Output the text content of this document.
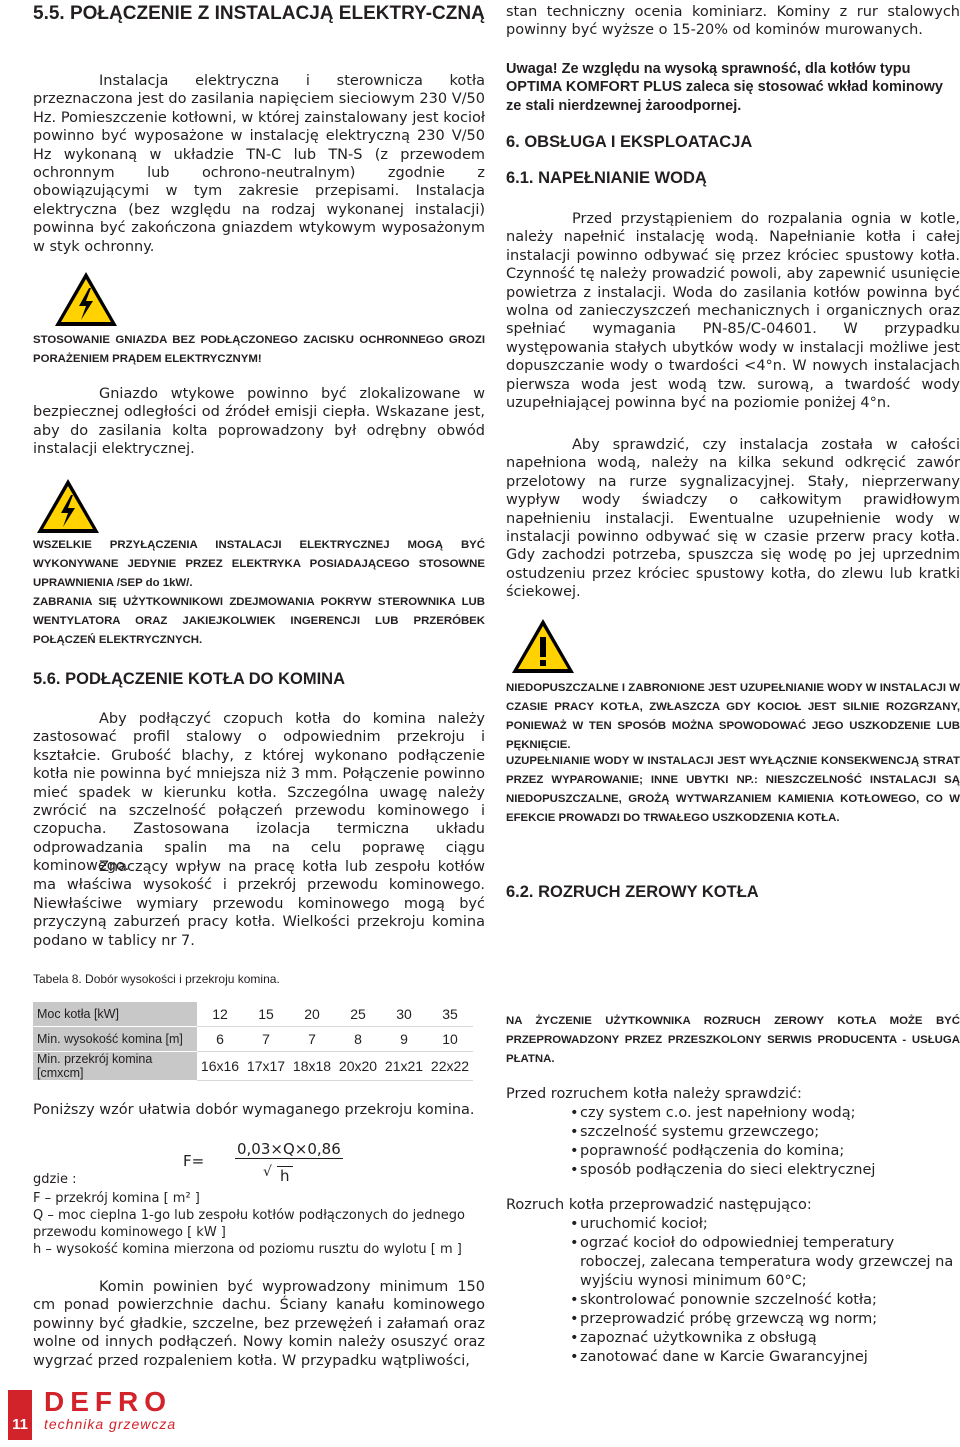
5.5. POŁĄCZENIE Z INSTALACJĄ ELEKTRY-CZNĄ

Instalacja elektryczna i sterownicza kotła przeznaczona jest do zasilania napięciem sieciowym 230 V/50 Hz. Pomieszczenie kotłowni, w której zainstalowany jest kocioł powinno być wyposażone w instalację elektryczną 230 V/50 Hz wykonaną w układzie TN-C lub TN-S (z przewodem ochronnym lub ochrono-neutralnym) zgodnie z obowiązującymi w tym zakresie przepisami. Instalacja elektryczna (bez względu na rodzaj wykonanej instalacji) powinna być zakończona gniazdem wtykowym wyposażonym w styk ochronny.

STOSOWANIE GNIAZDA BEZ PODŁĄCZONEGO ZACISKU OCHRONNEGO GROZI PORAŻENIEM PRĄDEM ELEKTRYCZNYM!

Gniazdo wtykowe powinno być zlokalizowane w bezpiecznej odległości od źródeł emisji ciepła. Wskazane jest, aby do zasilania kolta poprowadzony był odrębny obwód instalacji elektrycznej.

WSZELKIE PRZYŁĄCZENIA INSTALACJI ELEKTRYCZNEJ MOGĄ BYĆ WYKONYWANE JEDYNIE PRZEZ ELEKTRYKA POSIADAJĄCEGO STOSOWNE UPRAWNIENIA /SEP do 1kW/.

ZABRANIA SIĘ UŻYTKOWNIKOWI ZDEJMOWANIA POKRYW STEROWNIKA LUB WENTYLATORA ORAZ JAKIEJKOLWIEK INGERENCJI LUB PRZERÓBEK POŁĄCZEŃ ELEKTRYCZNYCH.

5.6. PODŁĄCZENIE KOTŁA DO KOMINA

Aby podłączyć czopuch kotła do komina należy zastosować profil stalowy o odpowiednim przekroju i kształcie. Grubość blachy, z której wykonano podłączenie kotła nie powinna być mniejsza niż 3 mm. Połączenie powinno mieć spadek w kierunku kotła. Szczególna uwagę należy zwrócić na szczelność połączeń przewodu kominowego i czopucha. Zastosowana izolacja termiczna układu odprowadzania spalin ma na celu poprawę ciągu kominowego.

Znaczący wpływ na pracę kotła lub zespołu kotłów ma właściwa wysokość i przekrój przewodu kominowego. Niewłaściwe wymiary przewodu kominowego mogą być przyczyną zaburzeń pracy kotła. Wielkości przekroju komina podano w tablicy nr 7.

Tabela 8. Dobór wysokości i przekroju komina.
Moc kotła [kW]	12	15	20	25	30	35
Min. wysokość komina [m]	6	7	7	8	9	10
Min. przekrój komina [cmxcm]	16x16	17x17	18x18	20x20	21x21	22x22

Poniższy wzór ułatwia dobór wymaganego przekroju komina.

F=
0,03×Q×0,86
√ h
gdzie :
F – przekrój komina [ m² ]
Q – moc cieplna 1-go lub zespołu kotłów podłączonych do jednego przewodu kominowego [ kW ]
h – wysokość komina mierzona od poziomu rusztu do wylotu [ m ]

Komin powinien być wyprowadzony minimum 150 cm ponad powierzchnie dachu. Ściany kanału kominowego powinny być gładkie, szczelne, bez przewężeń i załamań oraz wolne od innych podłączeń. Nowy komin należy osuszyć oraz wygrzać przed rozpaleniem kotła. W przypadku wątpliwości,

stan techniczny ocenia kominiarz. Kominy z rur stalowych powinny być wyższe o 15-20% od kominów murowanych.

Uwaga! Ze względu na wysoką sprawność, dla kotłów typu OPTIMA KOMFORT PLUS zaleca się stosować wkład kominowy ze stali nierdzewnej żaroodpornej.

6. OBSŁUGA I EKSPLOATACJA
6.1. NAPEŁNIANIE WODĄ

Przed przystąpieniem do rozpalania ognia w kotle, należy napełnić instalację wodą. Napełnianie kotła i całej instalacji powinno odbywać się przez króciec spustowy kotła. Czynność tę należy prowadzić powoli, aby zapewnić usunięcie powietrza z instalacji. Woda do zasilania kotłów powinna być wolna od zanieczyszczeń mechanicznych i organicznych oraz spełniać wymagania PN-85/C-04601. W przypadku występowania stałych ubytków wody w instalacji możliwe jest dopuszczanie wody o twardości <4°n. W nowych instalacjach pierwsza woda jest wodą tzw. surową, a twardość wody uzupełniającej powinna być na poziomie poniżej 4°n.

Aby sprawdzić, czy instalacja została w całości napełniona wodą, należy na kilka sekund odkręcić zawór przelotowy na rurze sygnalizacyjnej. Stały, nieprzerwany wypływ wody świadczy o całkowitym prawidłowym napełnieniu instalacji. Ewentualne uzupełnienie wody w instalacji powinno odbywać się w czasie przerw pracy kotła. Gdy zachodzi potrzeba, spuszcza się wodę po jej uprzednim ostudzeniu przez króciec spustowy kotła, do zlewu lub kratki ściekowej.

NIEDOPUSZCZALNE I ZABRONIONE JEST UZUPEŁNIANIE WODY W INSTALACJI W CZASIE PRACY KOTŁA, ZWŁASZCZA GDY KOCIOŁ JEST SILNIE ROZGRZANY, PONIEWAŻ W TEN SPOSÓB MOŻNA SPOWODOWAĆ JEGO USZKODZENIE LUB PĘKNIĘCIE.

UZUPEŁNIANIE WODY W INSTALACJI JEST WYŁĄCZNIE KONSEKWENCJĄ STRAT PRZEZ WYPAROWANIE; INNE UBYTKI NP.: NIESZCZELNOŚĆ INSTALACJI SĄ NIEDOPUSZCZALNE, GROŻĄ WYTWARZANIEM KAMIENIA KOTŁOWEGO, CO W EFEKCIE PROWADZI DO TRWAŁEGO USZKODZENIA KOTŁA.

6.2. ROZRUCH ZEROWY KOTŁA

NA ŻYCZENIE UŻYTKOWNIKA ROZRUCH ZEROWY KOTŁA MOŻE BYĆ PRZEPROWADZONY PRZEZ PRZESZKOLONY SERWIS PRODUCENTA - USŁUGA PŁATNA.

Przed rozruchem kotła należy sprawdzić:

• czy system c.o. jest napełniony wodą;
• szczelność systemu grzewczego;
• poprawność podłączenia do komina;
• sposób podłączenia do sieci elektrycznej

Rozruch kotła przeprowadzić następująco:

• uruchomić kocioł;
• ogrzać kocioł do odpowiedniej temperatury roboczej, zalecana temperatura wody grzewczej na wyjściu wynosi minimum 60°C;
• skontrolować ponownie szczelność kotła;
• przeprowadzić próbę grzewczą wg norm;
• zapoznać użytkownika z obsługą
• zanotować dane w Karcie Gwarancyjnej
11
DEFRO
technika grzewcza
